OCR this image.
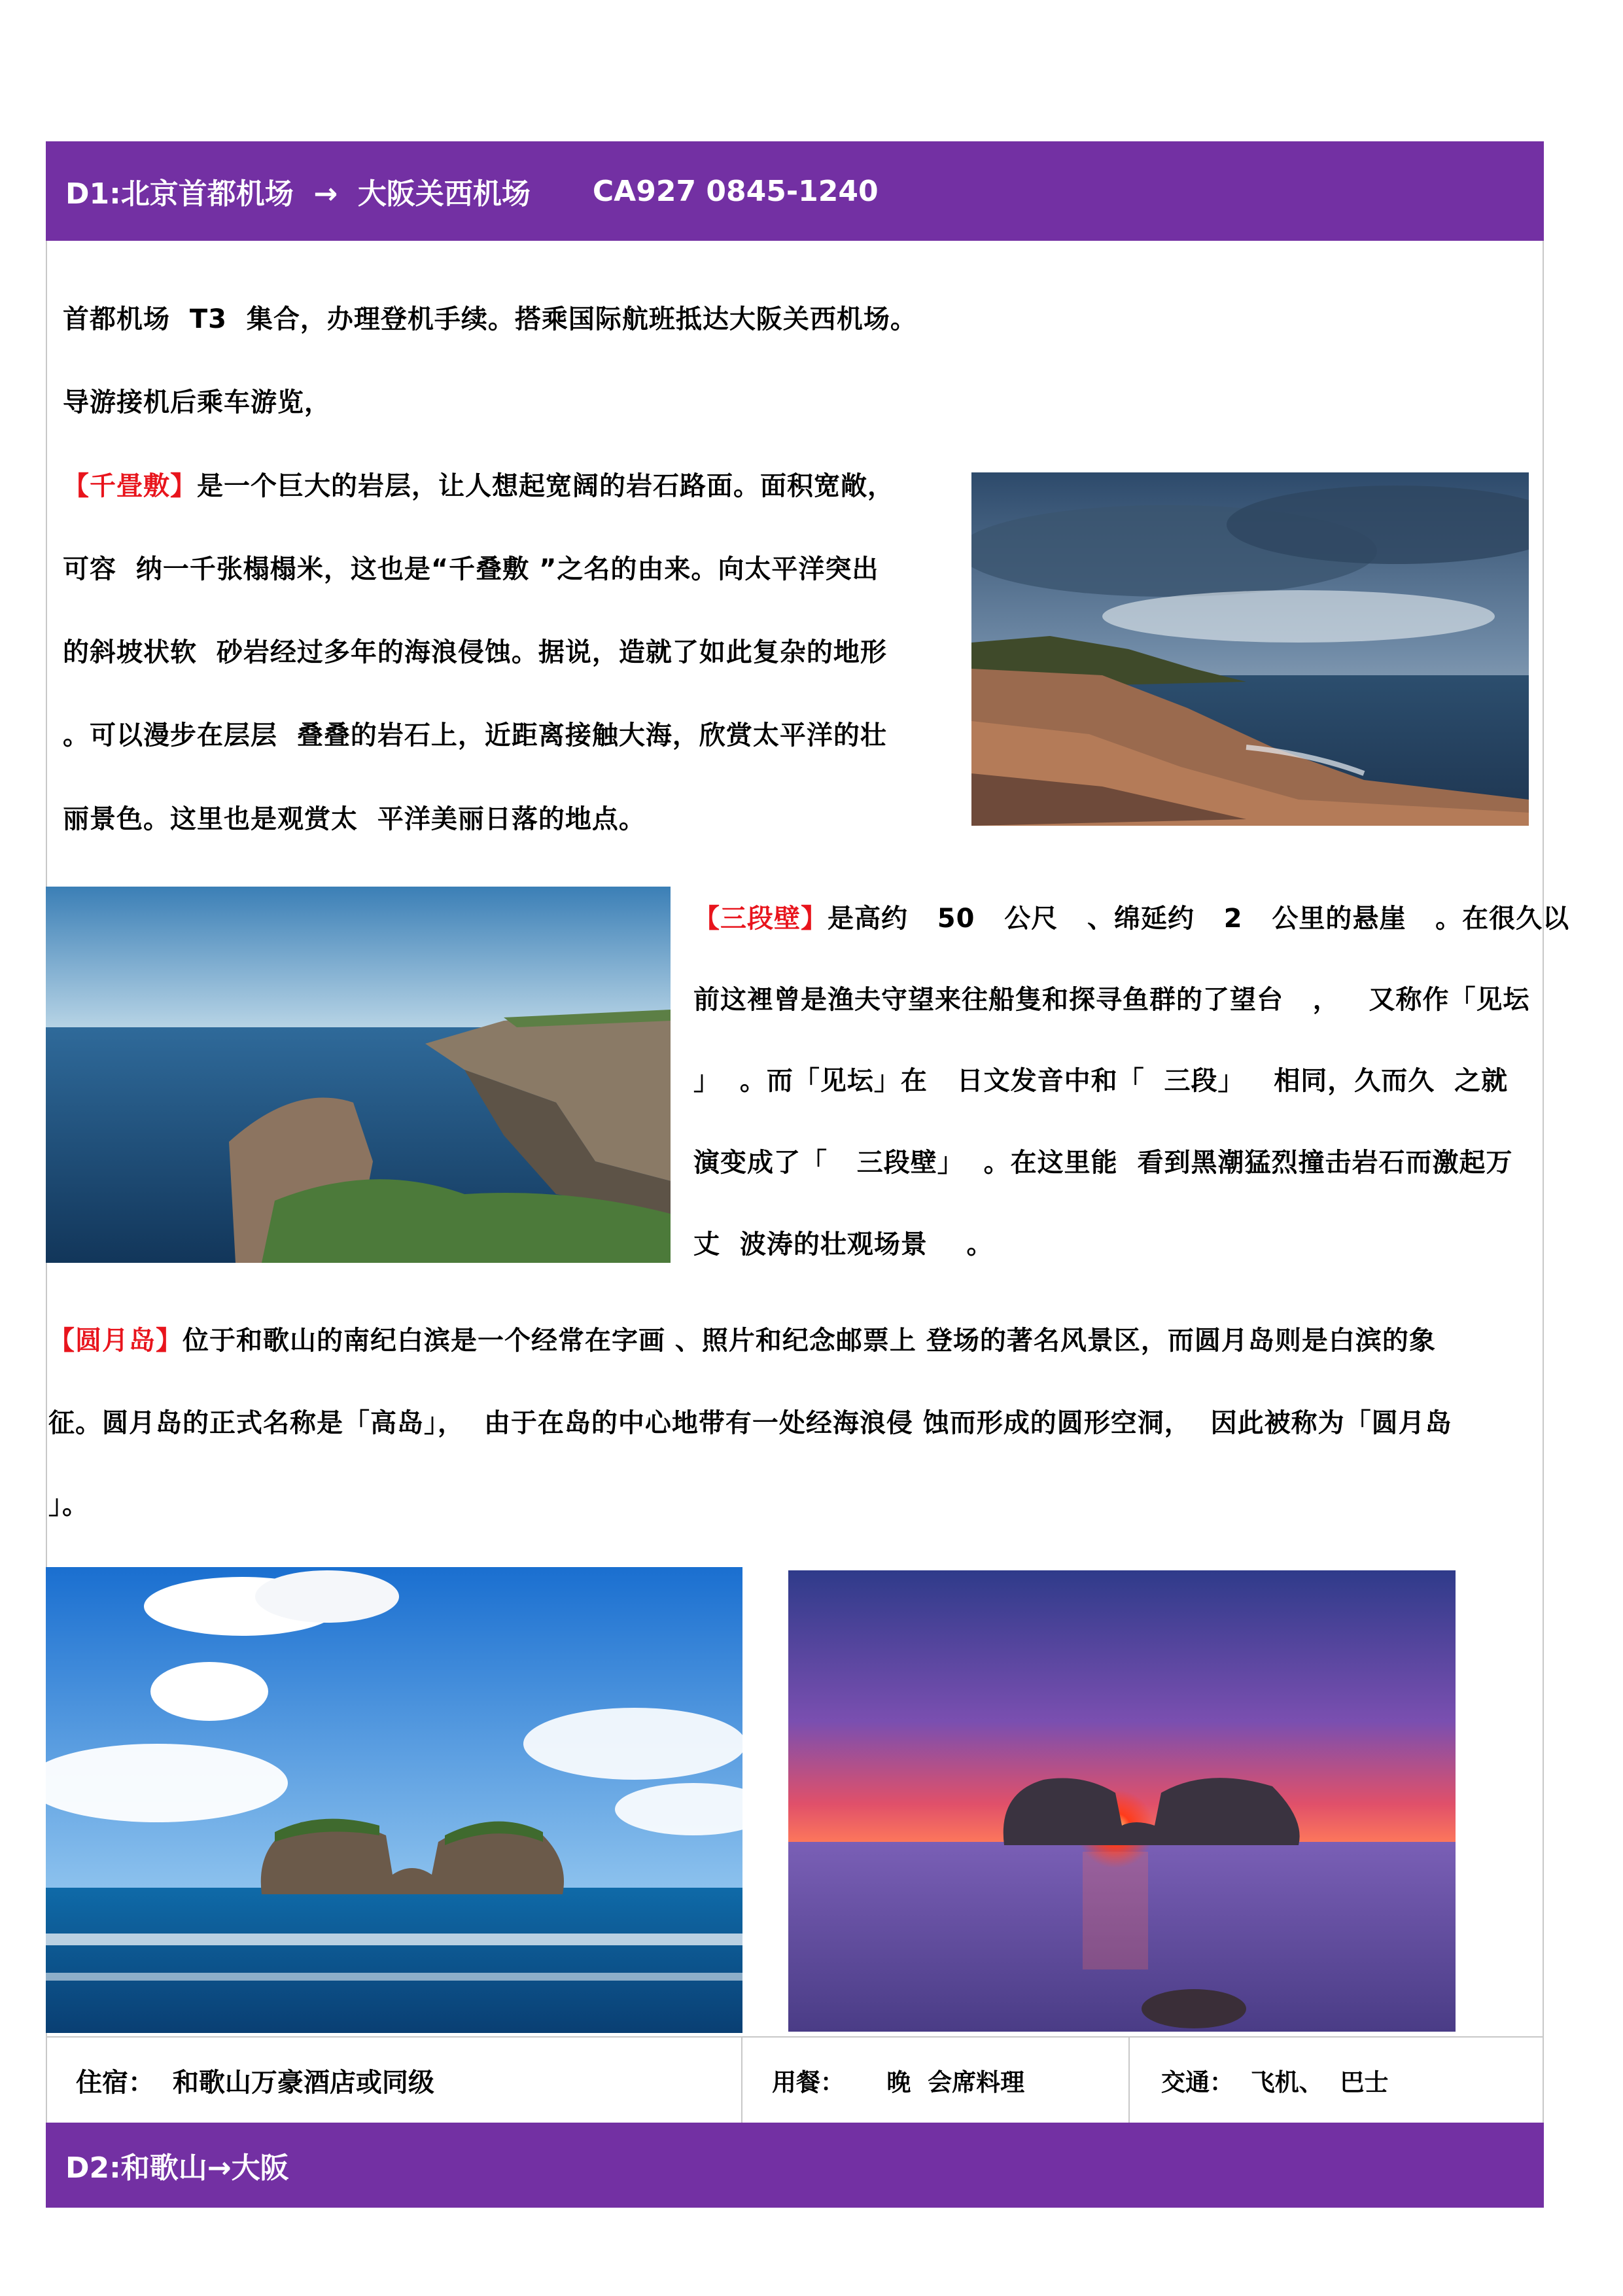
D1:北京首都机场  →  大阪关西机场 CA927 0845-1240
首都机场  T3  集合，办理登机手续。搭乘国际航班抵达大阪关西机场。
导游接机后乘车游览，
【千畳敷】是一个巨大的岩层，让人想起宽阔的岩石路面。面积宽敞，
可容  纳一千张榻榻米，这也是“千叠敷 ”之名的由来。向太平洋突出
的斜坡状软  砂岩经过多年的海浪侵蚀。据说，造就了如此复杂的地形
。可以漫步在层层  叠叠的岩石上，近距离接触大海，欣赏太平洋的壮
丽景色。这里也是观赏太  平洋美丽日落的地点。
【三段壁】是高约   50   公尺   、绵延约   2   公里的悬崖   。在很久以
前这裡曾是渔夫守望来往船隻和探寻鱼群的了望台   ，   又称作「见坛
」  。而「见坛」在   日文发音中和「  三段」   相同，久而久  之就
演变成了「   三段壁」  。在这里能  看到黑潮猛烈撞击岩石而激起万
丈  波涛的壮观场景    。
【圆月岛】位于和歌山的南纪白滨是一个经常在字画 、照片和纪念邮票上 登场的著名风景区，而圆月岛则是白滨的象
征。圆月岛的正式名称是「高岛」，  由于在岛的中心地带有一处经海浪侵 蚀而形成的圆形空洞，  因此被称为「圆月岛
」。
住宿：  和歌山万豪酒店或同级	用餐：     晚  会席料理	交通：  飞机、  巴士
D2:和歌山→大阪
